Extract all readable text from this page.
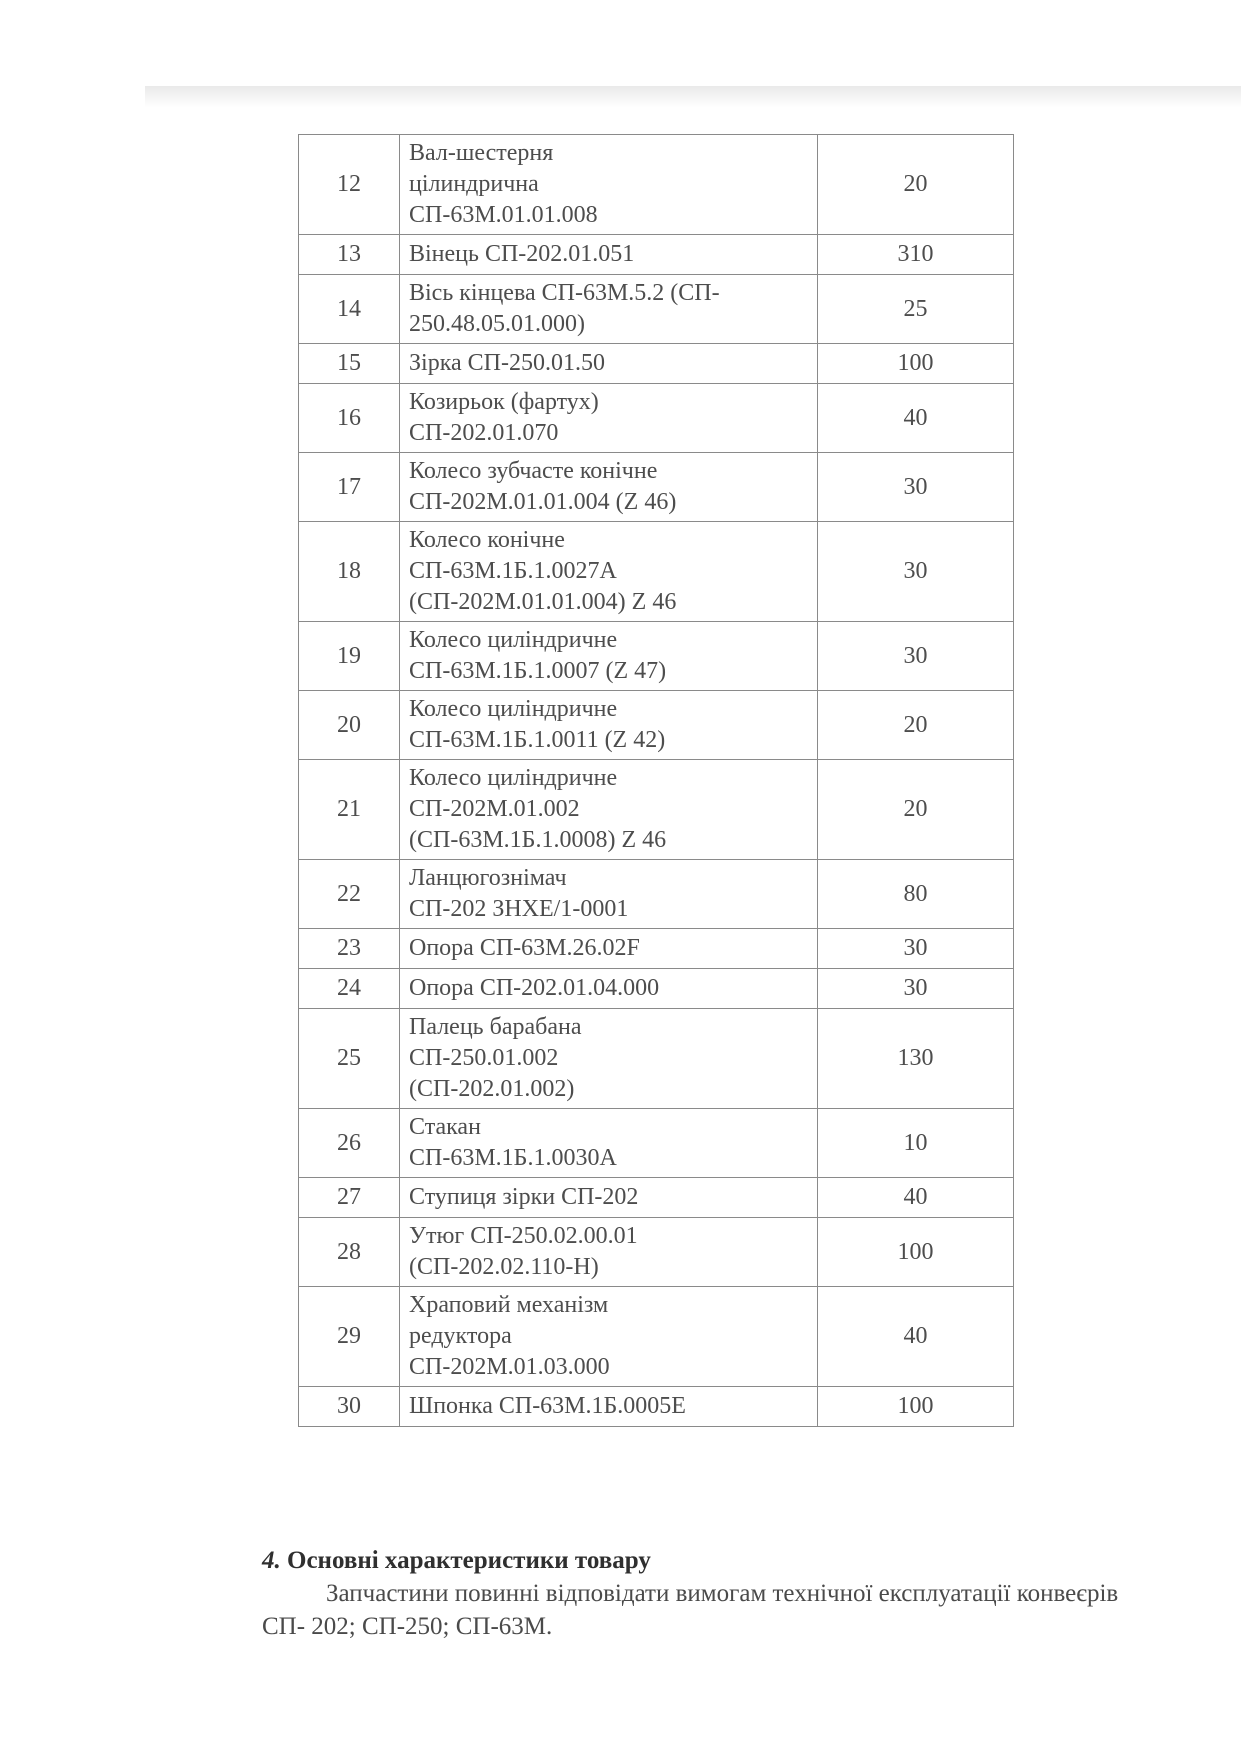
12	Вал-шестерня
цілиндрична
СП-63М.01.01.008	20
13	Вінець СП-202.01.051	310
14	Вісь кінцева СП-63М.5.2 (СП-
250.48.05.01.000)	25
15	Зірка СП-250.01.50	100
16	Козирьок (фартух)
СП-202.01.070	40
17	Колесо зубчасте конічне
СП-202М.01.01.004 (Z 46)	30
18	Колесо конічне
СП-63М.1Б.1.0027А
(СП-202М.01.01.004) Z 46	30
19	Колесо циліндричне
СП-63М.1Б.1.0007 (Z 47)	30
20	Колесо циліндричне
СП-63М.1Б.1.0011 (Z 42)	20
21	Колесо циліндричне
СП-202М.01.002
(СП-63М.1Б.1.0008) Z 46	20
22	Ланцюгознімач
СП-202 ЗНХЕ/1-0001	80
23	Опора СП-63М.26.02F	30
24	Опора СП-202.01.04.000	30
25	Палець барабана
СП-250.01.002
(СП-202.01.002)	130
26	Стакан
СП-63М.1Б.1.0030А	10
27	Ступиця зірки СП-202	40
28	Утюг СП-250.02.00.01
(СП-202.02.110-Н)	100
29	Храповий механізм
редуктора
СП-202М.01.03.000	40
30	Шпонка СП-63М.1Б.0005Е	100
4. Основні характеристики товару
Запчастини повинні відповідати вимогам технічної експлуатації конвеєрів
СП- 202; СП-250; СП-63М.
